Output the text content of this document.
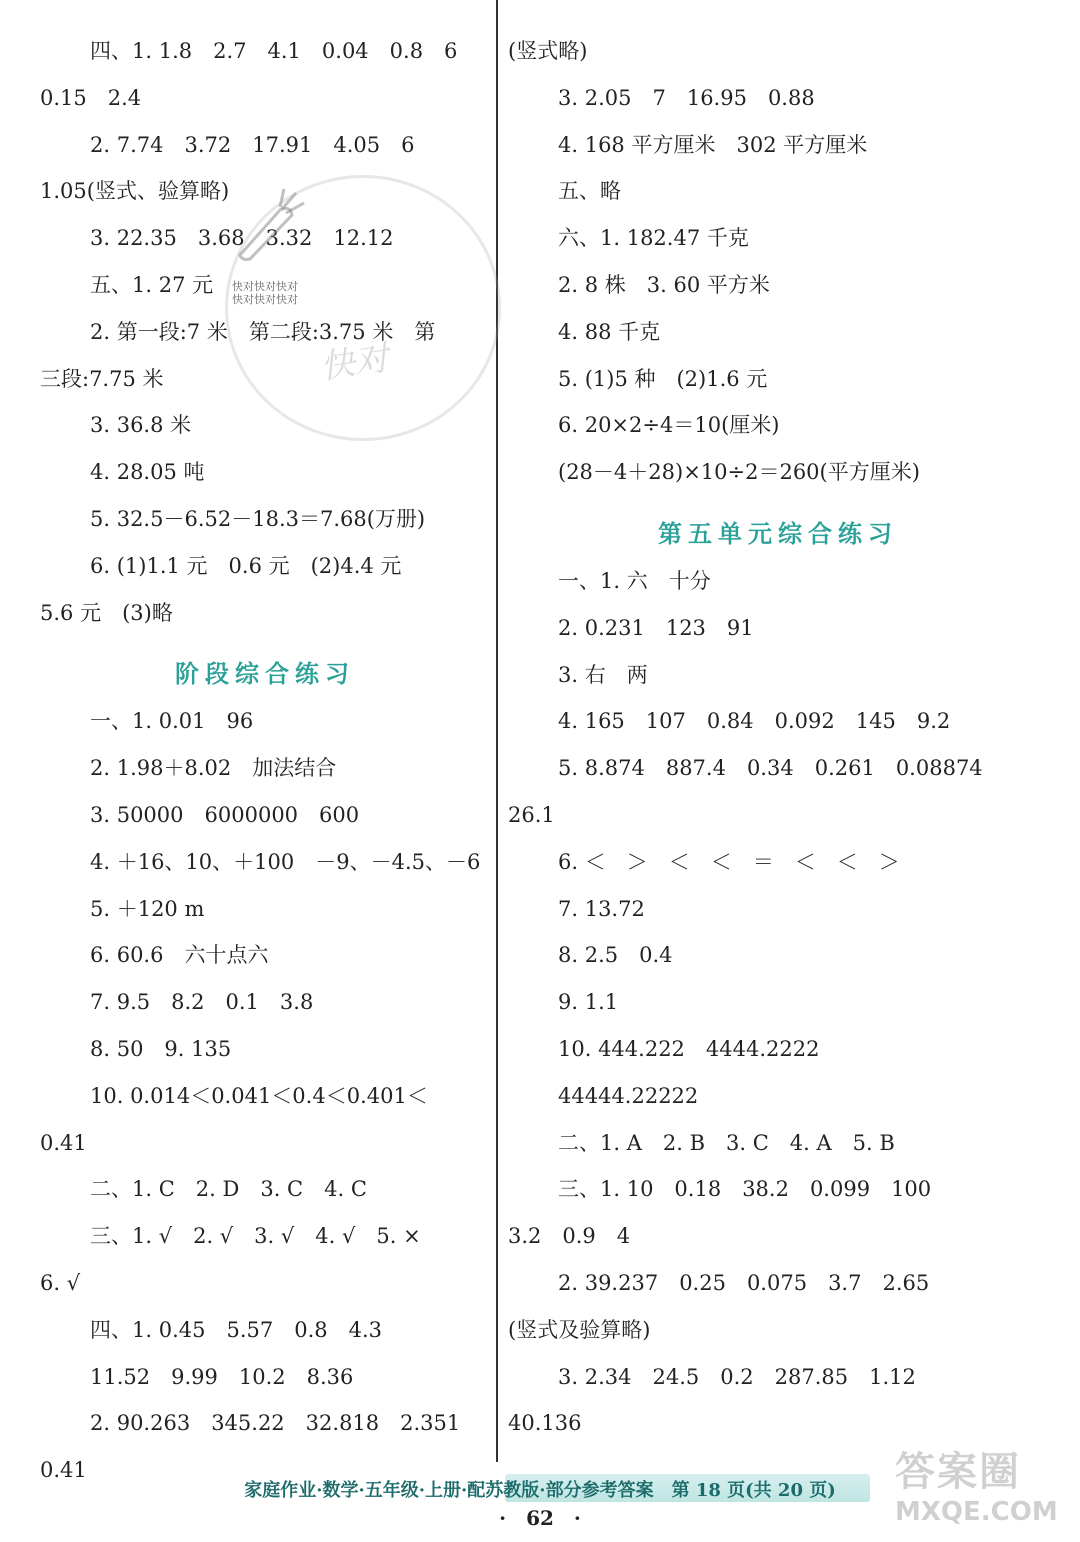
四、1. 1.8　2.7　4.1　0.04　0.8　6
0.15　2.4
2. 7.74　3.72　17.91　4.05　6
1.05(竖式、验算略)
3. 22.35　3.68　3.32　12.12
五、1. 27 元
2. 第一段:7 米　第二段:3.75 米　第
三段:7.75 米
3. 36.8 米
4. 28.05 吨
5. 32.5－6.52－18.3＝7.68(万册)
6. (1)1.1 元　0.6 元　(2)4.4 元
5.6 元　(3)略
阶段综合练习
一、1. 0.01　96
2. 1.98＋8.02　加法结合
3. 50000　6000000　600
4. ＋16、10、＋100　－9、－4.5、－6
5. ＋120 m
6. 60.6　六十点六
7. 9.5　8.2　0.1　3.8
8. 50　9. 135
10. 0.014＜0.041＜0.4＜0.401＜
0.41
二、1. C　2. D　3. C　4. C
三、1. √　2. √　3. √　4. √　5. ×
6. √
四、1. 0.45　5.57　0.8　4.3
11.52　9.99　10.2　8.36
2. 90.263　345.22　32.818　2.351
0.41
(竖式略)
3. 2.05　7　16.95　0.88
4. 168 平方厘米　302 平方厘米
五、略
六、1. 182.47 千克
2. 8 株　3. 60 平方米
4. 88 千克
5. (1)5 种　(2)1.6 元
6. 20×2÷4＝10(厘米)
(28－4＋28)×10÷2＝260(平方厘米)
第五单元综合练习
一、1. 六　十分
2. 0.231　123　91
3. 右　两
4. 165　107　0.84　0.092　145　9.2
5. 8.874　887.4　0.34　0.261　0.08874
26.1
6. ＜　＞　＜　＜　＝　＜　＜　＞
7. 13.72
8. 2.5　0.4
9. 1.1
10. 444.222　4444.2222
44444.22222
二、1. A　2. B　3. C　4. A　5. B
三、1. 10　0.18　38.2　0.099　100
3.2　0.9　4
2. 39.237　0.25　0.075　3.7　2.65
(竖式及验算略)
3. 2.34　24.5　0.2　287.85　1.12
40.136
快对快对快对
快对快对快对
快对
家庭作业·数学·五年级·上册·配苏教版·部分参考答案　第 18 页(共 20 页)
·　62　·
答案圈
MXQE.COM
